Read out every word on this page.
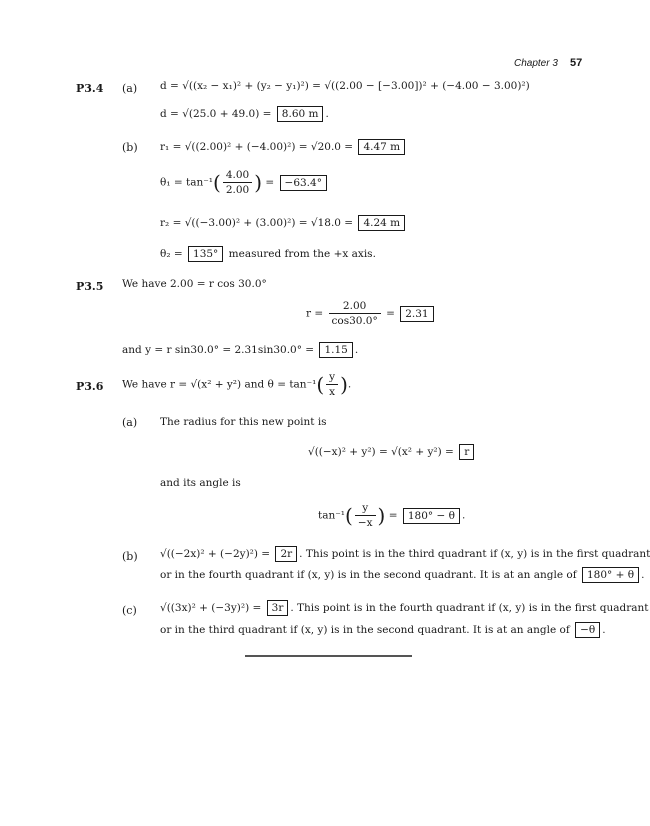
Chapter 3 57
P3.4 (a) d = √((x₂ − x₁)² + (y₂ − y₁)²) = √((2.00 − [−3.00])² + (−4.00 − 3.00)²)
d = √(25.0 + 49.0) = 8.60 m .
(b) r₁ = √((2.00)² + (−4.00)²) = √20.0 = 4.47 m
$\theta_1 = \tan^{-1}( \frac{4.00}{2.00}$ ) = −63.4°
r₂ = √((−3.00)² + (3.00)²) = √18.0 = 4.24 m
θ₂ = 135° measured from the +x axis.
P3.5 We have 2.00 = r cos 30.0°
$r = \frac{2.00}{\cos 30.0^\circ} = 2.31$
and y = r sin30.0° = 2.31sin30.0° = 1.15 .
P3.6 We have r = √(x² + y²) and $\theta = \tan^{-1}( \frac{y}{x}$ ).
(a) The radius for this new point is
√((−x)² + y²) = √(x² + y²) = r
and its angle is
$\tan^{-1}( \frac{y}{-x}$ ) = 180° − θ .
(b) √((−2x)² + (−2y)²) = 2r . This point is in the third quadrant if (x, y) is in the first quadrant
or in the fourth quadrant if (x, y) is in the second quadrant. It is at an angle of 180° + θ .
(c) √((3x)² + (−3y)²) = 3r . This point is in the fourth quadrant if (x, y) is in the first quadrant
or in the third quadrant if (x, y) is in the second quadrant. It is at an angle of −θ .
